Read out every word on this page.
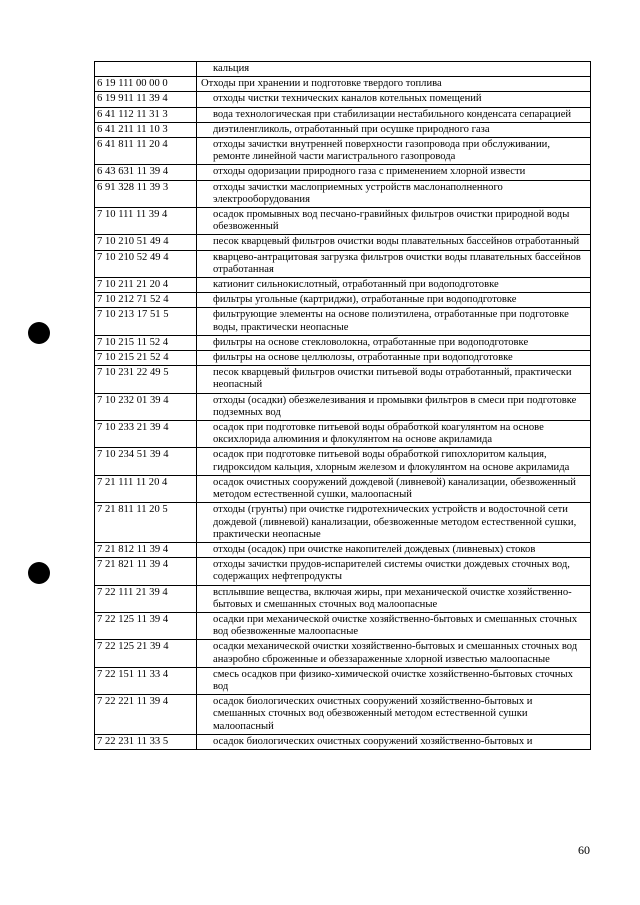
	кальция
6 19 111 00 00 0	Отходы при хранении и подготовке твердого топлива
6 19 911 11 39 4	отходы чистки технических каналов котельных помещений
6 41 112 11 31 3	вода технологическая при стабилизации нестабильного конденсата сепарацией
6 41 211 11 10 3	диэтиленгликоль, отработанный при осушке природного газа
6 41 811 11 20 4	отходы зачистки внутренней поверхности газопровода при обслуживании, ремонте линейной части магистрального газопровода
6 43 631 11 39 4	отходы одоризации природного газа с применением хлорной извести
6 91 328 11 39 3	отходы зачистки маслоприемных устройств маслонаполненного электрооборудования
7 10 111 11 39 4	осадок промывных вод песчано-гравийных фильтров очистки природной воды обезвоженный
7 10 210 51 49 4	песок кварцевый фильтров очистки воды плавательных бассейнов отработанный
7 10 210 52 49 4	кварцево-антрацитовая загрузка фильтров очистки воды плавательных бассейнов отработанная
7 10 211 21 20 4	катионит сильнокислотный, отработанный при водоподготовке
7 10 212 71 52 4	фильтры угольные (картриджи), отработанные при водоподготовке
7 10 213 17 51 5	фильтрующие элементы на основе полиэтилена, отработанные при подготовке воды, практически неопасные
7 10 215 11 52 4	фильтры на основе стекловолокна, отработанные при водоподготовке
7 10 215 21 52 4	фильтры на основе целлюлозы, отработанные при водоподготовке
7 10 231 22 49 5	песок кварцевый фильтров очистки питьевой воды отработанный, практически неопасный
7 10 232 01 39 4	отходы (осадки) обезжелезивания и промывки фильтров в смеси при подготовке подземных вод
7 10 233 21 39 4	осадок при подготовке питьевой воды обработкой коагулянтом на основе оксихлорида алюминия и флокулянтом на основе акриламида
7 10 234 51 39 4	осадок при подготовке питьевой воды обработкой гипохлоритом кальция, гидроксидом кальция, хлорным железом и флокулянтом на основе акриламида
7 21 111 11 20 4	осадок очистных сооружений дождевой (ливневой) канализации, обезвоженный методом естественной сушки, малоопасный
7 21 811 11 20 5	отходы (грунты) при очистке гидротехнических устройств и водосточной сети дождевой (ливневой) канализации, обезвоженные методом естественной сушки, практически неопасные
7 21 812 11 39 4	отходы (осадок) при очистке накопителей дождевых (ливневых) стоков
7 21 821 11 39 4	отходы зачистки прудов-испарителей системы очистки дождевых сточных вод, содержащих нефтепродукты
7 22 111 21 39 4	всплывшие вещества, включая жиры, при механической очистке хозяйственно-бытовых и смешанных сточных вод малоопасные
7 22 125 11 39 4	осадки при механической очистке хозяйственно-бытовых и смешанных сточных вод обезвоженные малоопасные
7 22 125 21 39 4	осадки механической очистки хозяйственно-бытовых и смешанных сточных вод анаэробно сброженные и обеззараженные хлорной известью малоопасные
7 22 151 11 33 4	смесь осадков при физико-химической очистке хозяйственно-бытовых сточных вод
7 22 221 11 39 4	осадок биологических очистных сооружений хозяйственно-бытовых и смешанных сточных вод обезвоженный методом естественной сушки малоопасный
7 22 231 11 33 5	осадок биологических очистных сооружений хозяйственно-бытовых и
60
